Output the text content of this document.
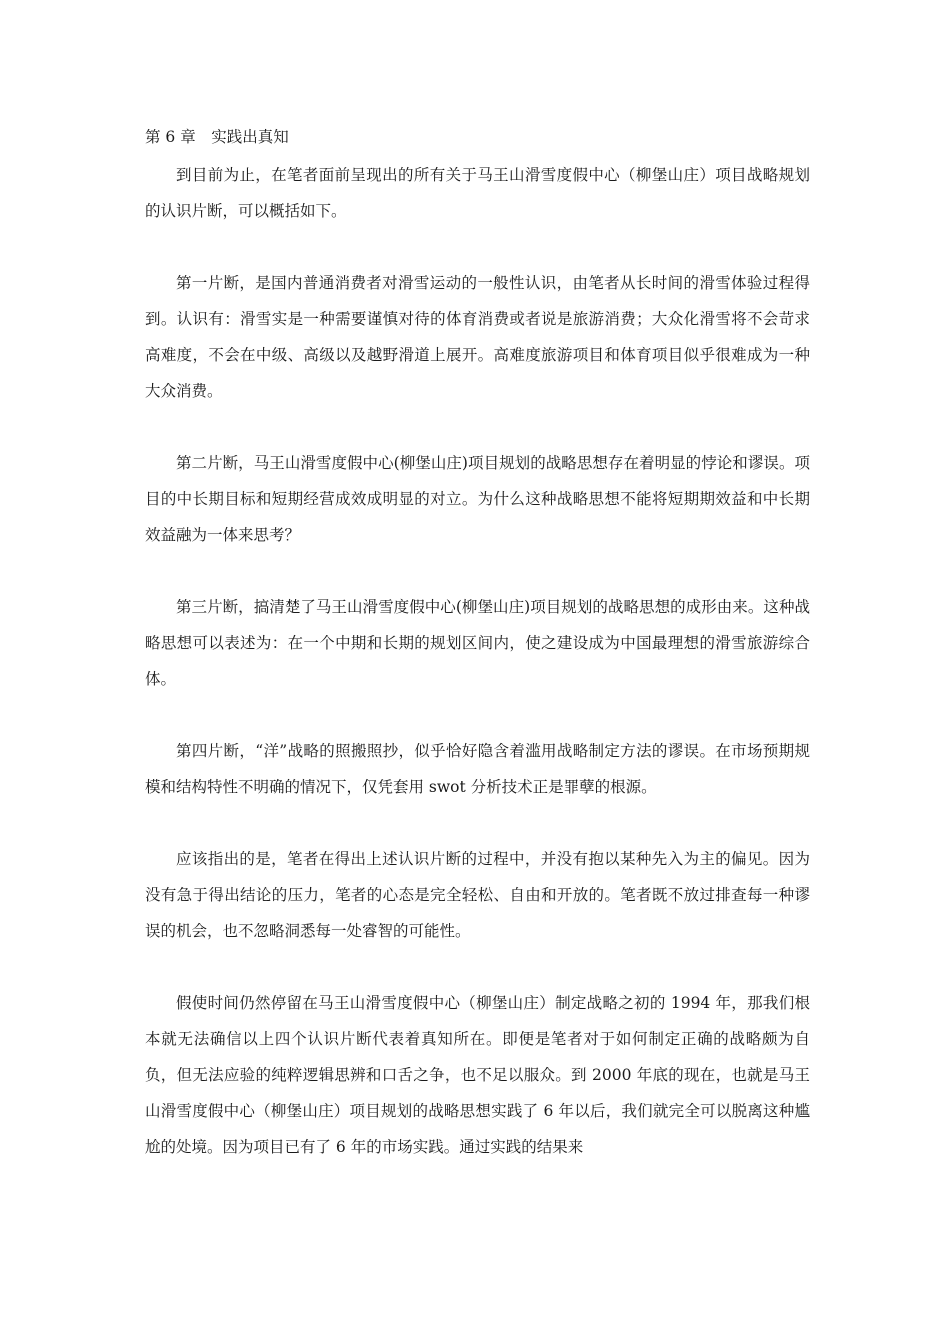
第 6 章　实践出真知

到目前为止，在笔者面前呈现出的所有关于马王山滑雪度假中心（柳堡山庄）项目战略规划的认识片断，可以概括如下。

第一片断，是国内普通消费者对滑雪运动的一般性认识，由笔者从长时间的滑雪体验过程得到。认识有：滑雪实是一种需要谨慎对待的体育消费或者说是旅游消费；大众化滑雪将不会苛求高难度，不会在中级、高级以及越野滑道上展开。高难度旅游项目和体育项目似乎很难成为一种大众消费。

第二片断，马王山滑雪度假中心(柳堡山庄)项目规划的战略思想存在着明显的悖论和谬误。项目的中长期目标和短期经营成效成明显的对立。为什么这种战略思想不能将短期期效益和中长期效益融为一体来思考？

第三片断，搞清楚了马王山滑雪度假中心(柳堡山庄)项目规划的战略思想的成形由来。这种战略思想可以表述为：在一个中期和长期的规划区间内，使之建设成为中国最理想的滑雪旅游综合体。

第四片断，“洋”战略的照搬照抄，似乎恰好隐含着滥用战略制定方法的谬误。在市场预期规模和结构特性不明确的情况下，仅凭套用 swot 分析技术正是罪孽的根源。

应该指出的是，笔者在得出上述认识片断的过程中，并没有抱以某种先入为主的偏见。因为没有急于得出结论的压力，笔者的心态是完全轻松、自由和开放的。笔者既不放过排查每一种谬误的机会，也不忽略洞悉每一处睿智的可能性。

假使时间仍然停留在马王山滑雪度假中心（柳堡山庄）制定战略之初的 1994 年，那我们根本就无法确信以上四个认识片断代表着真知所在。即便是笔者对于如何制定正确的战略颇为自负，但无法应验的纯粹逻辑思辨和口舌之争，也不足以服众。到 2000 年底的现在，也就是马王山滑雪度假中心（柳堡山庄）项目规划的战略思想实践了 6 年以后，我们就完全可以脱离这种尴尬的处境。因为项目已有了 6 年的市场实践。通过实践的结果来
